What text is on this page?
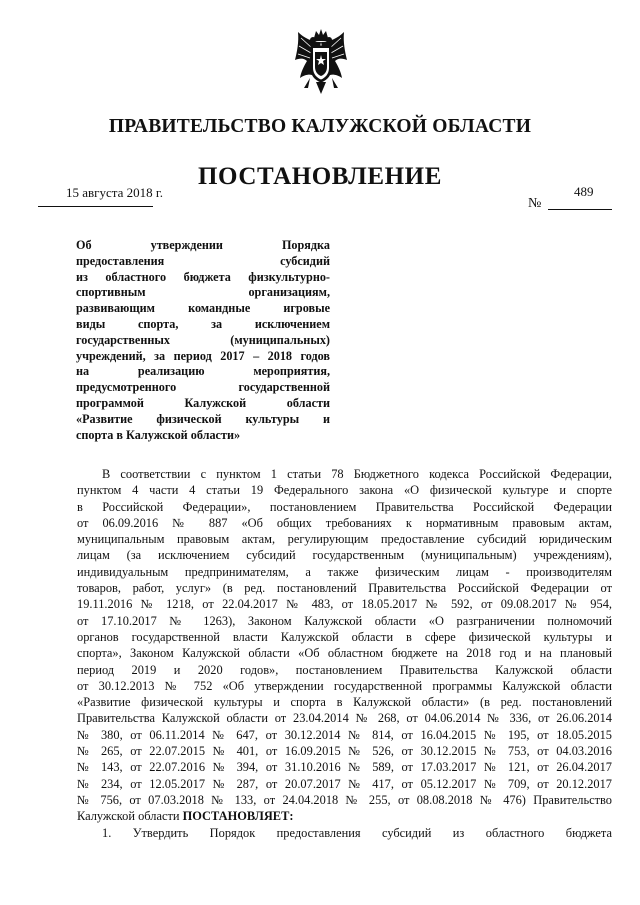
ПРАВИТЕЛЬСТВО КАЛУЖСКОЙ ОБЛАСТИ
ПОСТАНОВЛЕНИЕ
15 августа 2018 г.	489
№
Об утверждении Порядка
предоставления субсидий
из областного бюджета физкультурно-
спортивным организациям,
развивающим командные игровые
виды спорта, за исключением
государственных (муниципальных)
учреждений, за период 2017 – 2018 годов
на реализацию мероприятия,
предусмотренного государственной
программой Калужской области
«Развитие физической культуры и
спорта в Калужской области»
В соответствии с пунктом 1 статьи 78 Бюджетного кодекса Российской Федерации,
пунктом 4 части 4 статьи 19 Федерального закона «О физической культуре и спорте
в Российской Федерации», постановлением Правительства Российской Федерации
от 06.09.2016 № 887 «Об общих требованиях к нормативным правовым актам,
муниципальным правовым актам, регулирующим предоставление субсидий юридическим
лицам (за исключением субсидий государственным (муниципальным) учреждениям),
индивидуальным предпринимателям, а также физическим лицам - производителям
товаров, работ, услуг» (в ред. постановлений Правительства Российской Федерации от
19.11.2016 № 1218, от 22.04.2017 № 483, от 18.05.2017 № 592, от 09.08.2017 № 954,
от 17.10.2017 № 1263), Законом Калужской области «О разграничении полномочий
органов государственной власти Калужской области в сфере физической культуры и
спорта», Законом Калужской области «Об областном бюджете на 2018 год и на плановый
период 2019 и 2020 годов», постановлением Правительства Калужской области
от 30.12.2013 № 752 «Об утверждении государственной программы Калужской области
«Развитие физической культуры и спорта в Калужской области» (в ред. постановлений
Правительства Калужской области от 23.04.2014 № 268, от 04.06.2014 № 336, от 26.06.2014
№ 380, от 06.11.2014 № 647, от 30.12.2014 № 814, от 16.04.2015 № 195, от 18.05.2015
№ 265, от 22.07.2015 № 401, от 16.09.2015 № 526, от 30.12.2015 № 753, от 04.03.2016
№ 143, от 22.07.2016 № 394, от 31.10.2016 № 589, от 17.03.2017 № 121, от 26.04.2017
№ 234, от 12.05.2017 № 287, от 20.07.2017 № 417, от 05.12.2017 № 709, от 20.12.2017
№ 756, от 07.03.2018 № 133, от 24.04.2018 № 255, от 08.08.2018 № 476) Правительство
Калужской области ПОСТАНОВЛЯЕТ:
1. Утвердить Порядок предоставления субсидий из областного бюджета
